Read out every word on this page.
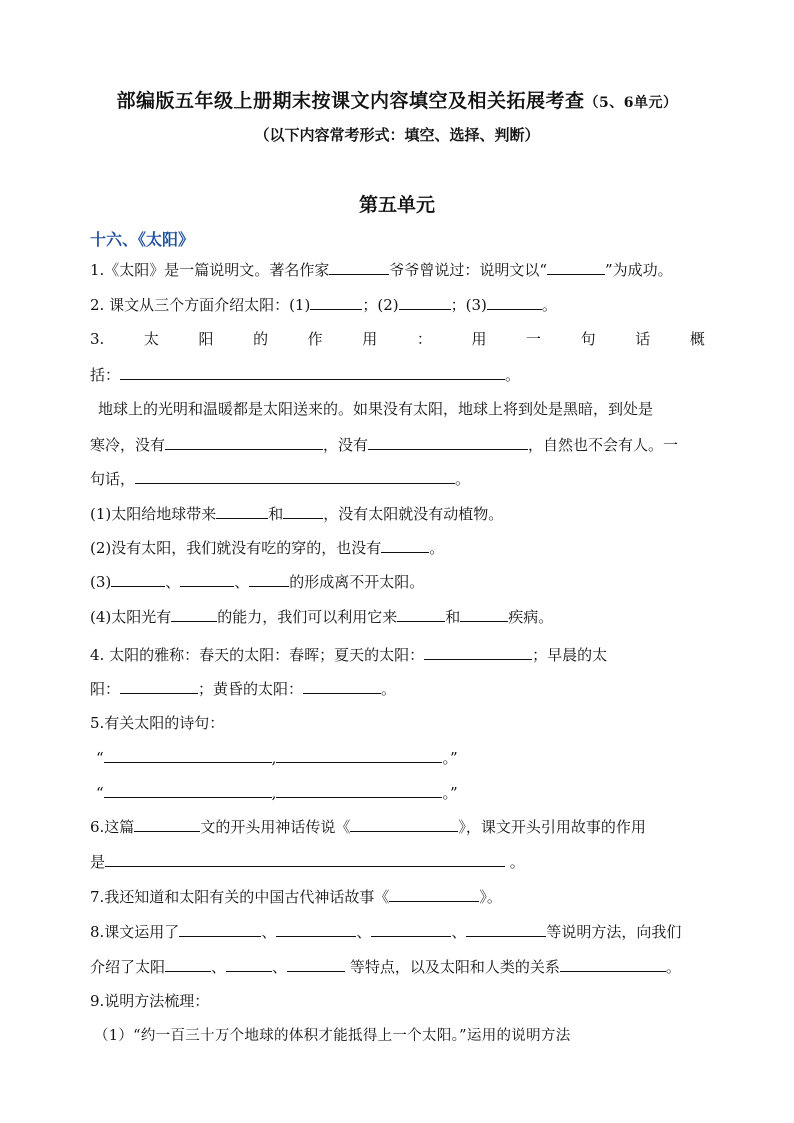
部编版五年级上册期末按课文内容填空及相关拓展考查（5、6单元）
（以下内容常考形式：填空、选择、判断）
第五单元
十六、《太阳》
1.《太阳》是一篇说明文。著名作家	爷爷曾说过：说明文以“	”为成功。
2. 课文从三个方面介绍太阳：(1)	；(2)	；(3)	。
3.	太	阳	的	作	用	：	用	一	句	话	概
括：	。
地球上的光明和温暖都是太阳送来的。如果没有太阳，地球上将到处是黑暗，到处是
寒冷，没有	，没有	，自然也不会有人。一
句话，	。
(1)太阳给地球带来	和	，没有太阳就没有动植物。
(2)没有太阳，我们就没有吃的穿的，也没有	。
(3)	、	、	的形成离不开太阳。
(4)太阳光有	的能力，我们可以利用它来	和	疾病。
4. 太阳的雅称：春天的太阳：春晖；夏天的太阳：	；早晨的太
阳：	；黄昏的太阳：	。
5.有关太阳的诗句：
“	,	。”
“	,	。”
6.这篇	文的开头用神话传说《	》，课文开头引用故事的作用
是	。
7.我还知道和太阳有关的中国古代神话故事《	》。
8.课文运用了	、	、	、	等说明方法，向我们
介绍了太阳	、	、	等特点，以及太阳和人类的关系	。
9.说明方法梳理：
（1）“约一百三十万个地球的体积才能抵得上一个太阳。”运用的说明方法
